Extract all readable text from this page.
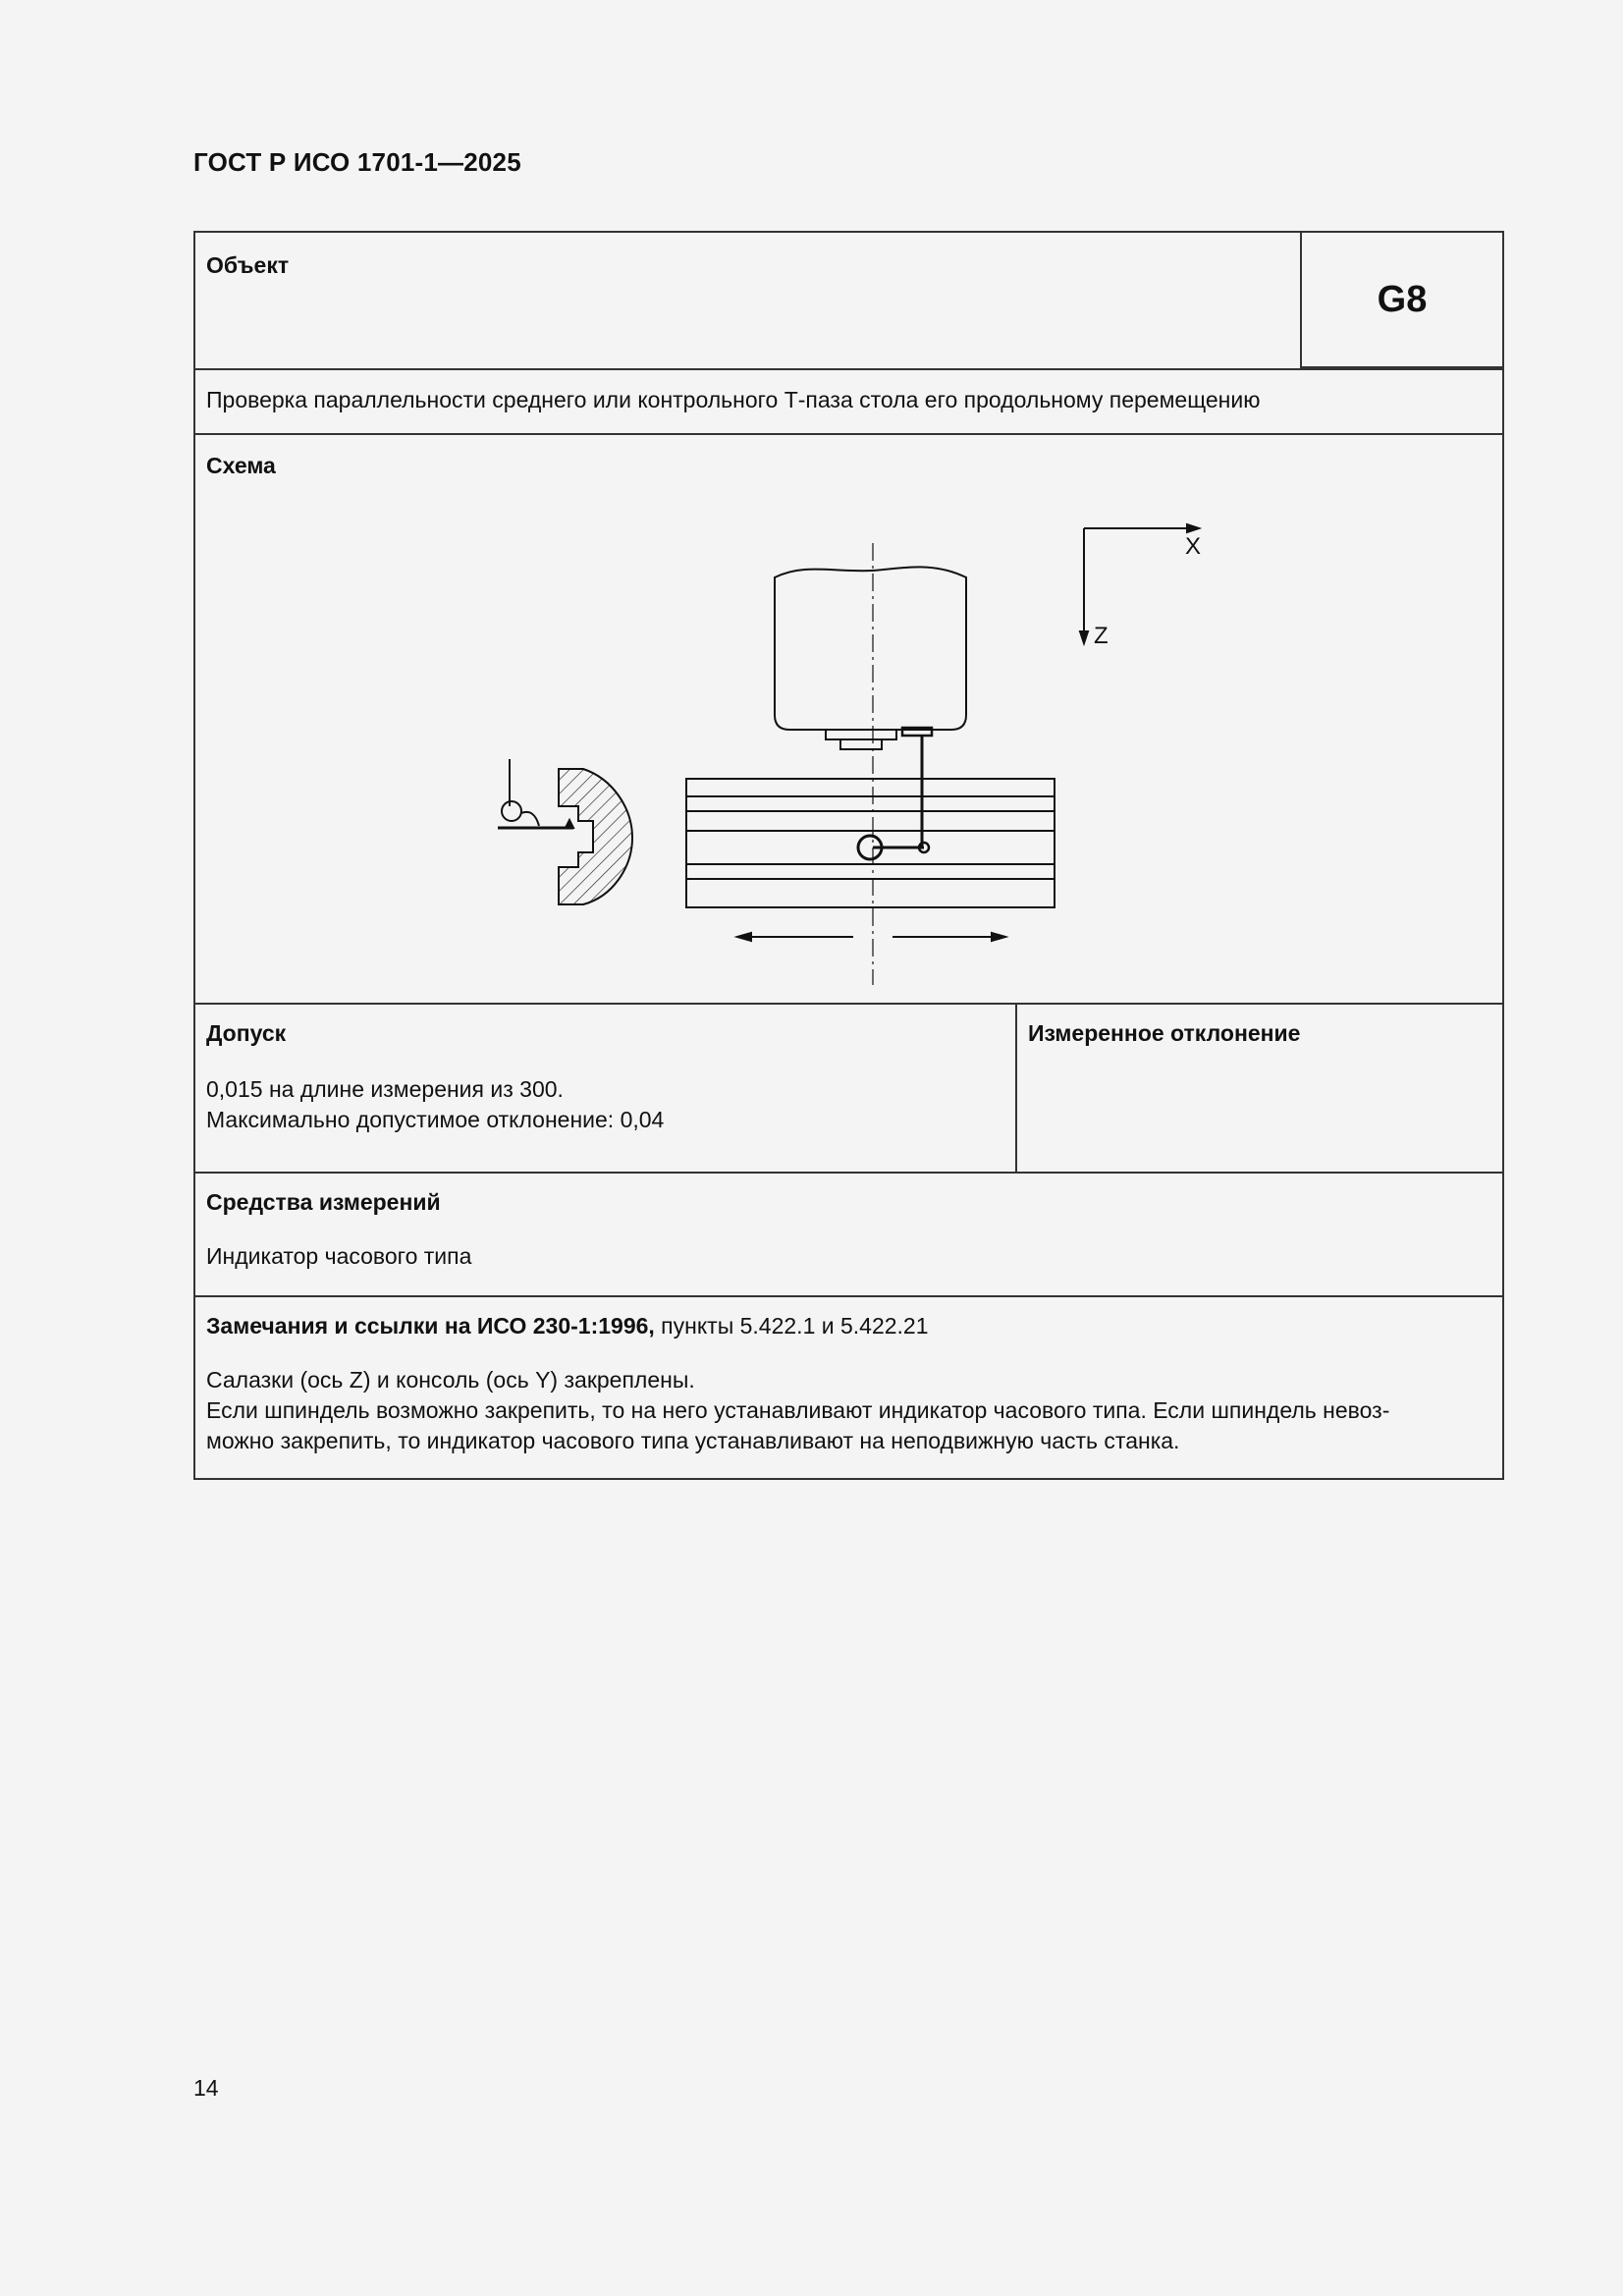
ГОСТ Р ИСО 1701-1—2025
Объект
G8
Проверка параллельности среднего или контрольного Т-паза стола его продольному перемещению
Схема
X
Z
Допуск
0,015 на длине измерения из 300.
Максимально допустимое отклонение: 0,04
Измеренное отклонение
Средства измерений
Индикатор часового типа
Замечания и ссылки на ИСО 230-1:1996, пункты 5.422.1 и 5.422.21
Салазки (ось Z) и консоль (ось Y) закреплены.
Если шпиндель возможно закрепить, то на него устанавливают индикатор часового типа. Если шпиндель невоз-
можно закрепить, то индикатор часового типа устанавливают на неподвижную часть станка.
14
